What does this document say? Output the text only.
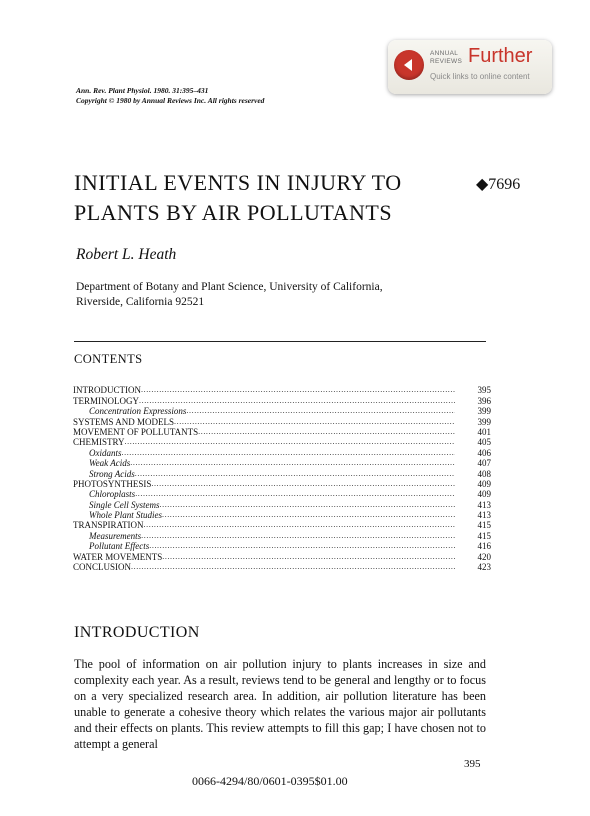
ANNUAL
REVIEWS Further
Quick links to online content
Ann. Rev. Plant Physiol. 1980. 31:395–431
Copyright © 1980 by Annual Reviews Inc. All rights reserved
INITIAL EVENTS IN INJURY TO
PLANTS BY AIR POLLUTANTS
◆7696
Robert L. Heath
Department of Botany and Plant Science, University of California,
Riverside, California 92521
CONTENTS
INTRODUCTION .....	395
TERMINOLOGY .....	396
Concentration Expressions .....	399
SYSTEMS AND MODELS .....	399
MOVEMENT OF POLLUTANTS .....	401
CHEMISTRY .....	405
Oxidants .....	406
Weak Acids .....	407
Strong Acids .....	408
PHOTOSYNTHESIS .....	409
Chloroplasts .....	409
Single Cell Systems .....	413
Whole Plant Studies .....	413
TRANSPIRATION .....	415
Measurements .....	415
Pollutant Effects .....	416
WATER MOVEMENTS .....	420
CONCLUSION .....	423
INTRODUCTION
The pool of information on air pollution injury to plants increases in size and complexity each year. As a result, reviews tend to be general and lengthy or to focus on a very specialized research area. In addition, air pollution literature has been unable to generate a cohesive theory which relates the various major air pollutants and their effects on plants. This review attempts to fill this gap; I have chosen not to attempt a general
395
0066-4294/80/0601-0395$01.00
